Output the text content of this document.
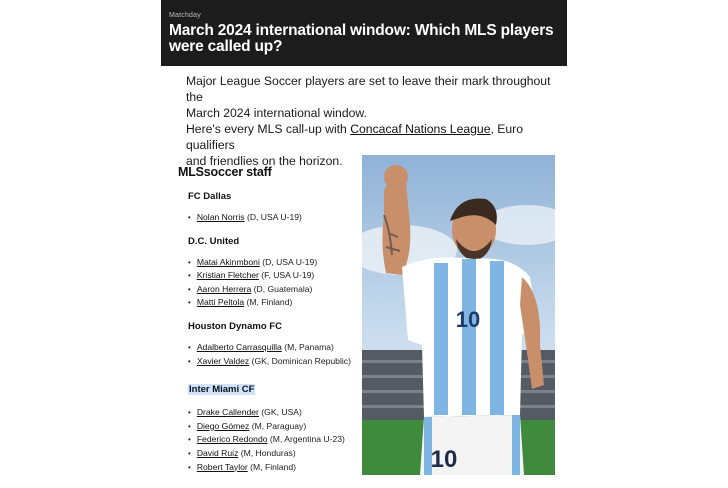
Matchday
March 2024 international window: Which MLS players
were called up?
Major League Soccer players are set to leave their mark throughout the
March 2024 international window.
Here's every MLS call-up with Concacaf Nations League, Euro qualifiers
and friendlies on the horizon.
MLSsoccer staff
FC Dallas
• Nolan Norris (D, USA U-19)
D.C. United
• Matai Akinmboni (D, USA U-19)
• Kristian Fletcher (F, USA U-19)
• Aaron Herrera (D, Guatemala)
• Matti Peltola (M, Finland)
Houston Dynamo FC
• Adalberto Carrasquilla (M, Panama)
• Xavier Valdez (GK, Dominican Republic)
Inter Miami CF
• Drake Callender (GK, USA)
• Diego Gómez (M, Paraguay)
• Federico Redondo (M, Argentina U-23)
• David Ruiz (M, Honduras)
• Robert Taylor (M, Finland)
10
10
